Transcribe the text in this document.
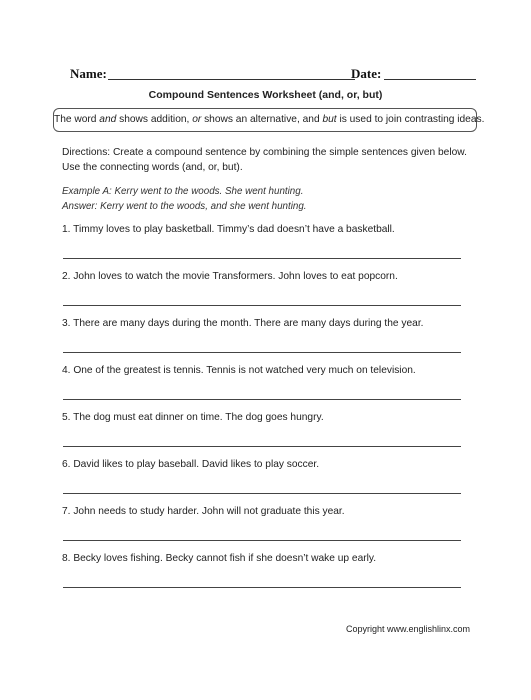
Name:	Date:
Compound Sentences Worksheet (and, or, but)
The word and shows addition, or shows an alternative, and but is used to join contrasting ideas.
Directions: Create a compound sentence by combining the simple sentences given below. Use the connecting words (and, or, but).
Example A: Kerry went to the woods. She went hunting.
Answer: Kerry went to the woods, and she went hunting.
1. Timmy loves to play basketball. Timmy’s dad doesn’t have a basketball.
2. John loves to watch the movie Transformers. John loves to eat popcorn.
3. There are many days during the month. There are many days during the year.
4. One of the greatest is tennis. Tennis is not watched very much on television.
5. The dog must eat dinner on time. The dog goes hungry.
6. David likes to play baseball. David likes to play soccer.
7. John needs to study harder. John will not graduate this year.
8. Becky loves fishing. Becky cannot fish if she doesn’t wake up early.
Copyright www.englishlinx.com
